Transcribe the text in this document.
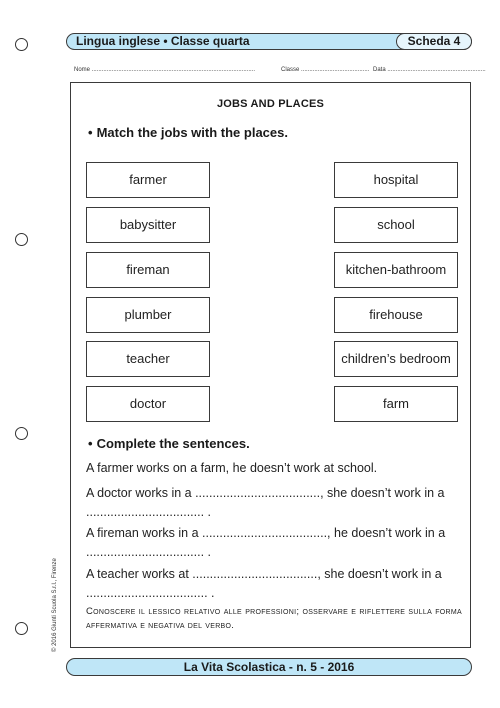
Lingua inglese • Classe quarta	Scheda 4
Nome ..................................................................................................	Classe ......................................... Data ...........................................................
JOBS AND PLACES
• Match the jobs with the places.
farmer
babysitter
fireman
plumber
teacher
doctor
hospital
school
kitchen-bathroom
firehouse
children’s bedroom
farm
• Complete the sentences.
A farmer works on a farm, he doesn’t work at school.
A doctor works in a ...................................., she doesn’t work in a .................................. .
A fireman works in a ...................................., he doesn’t work in a .................................. .
A teacher works at ...................................., she doesn’t work in a ................................... .
Conoscere il lessico relativo alle professioni; osservare e riflettere sulla forma affermativa e negativa del verbo.
© 2016 Giunti Scuola S.r.l., Firenze
La Vita Scolastica - n. 5 - 2016
